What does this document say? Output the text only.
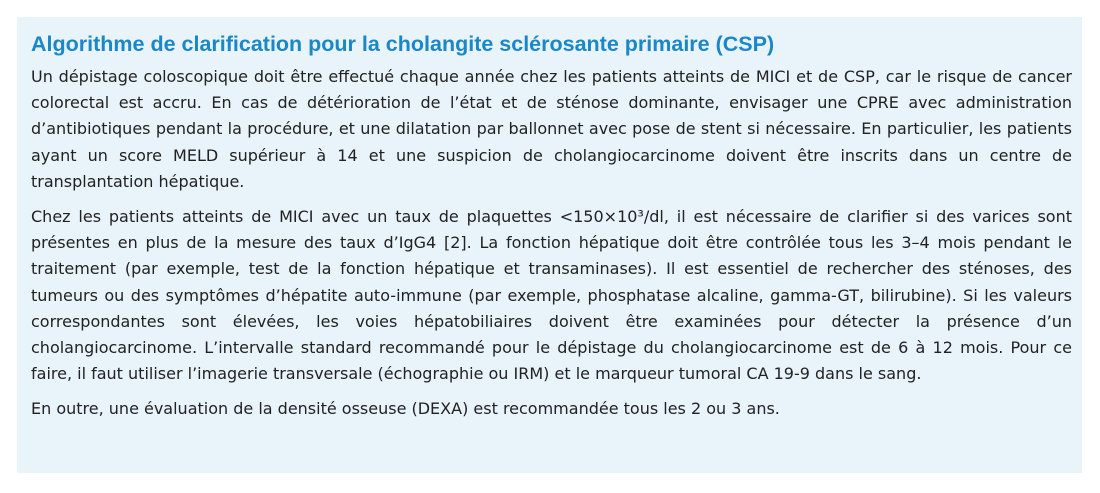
Algorithme de clarification pour la cholangite sclérosante primaire (CSP)

Un dépistage coloscopique doit être effectué chaque année chez les patients atteints de MICI et de CSP, car le risque de cancer colorectal est accru. En cas de détérioration de l’état et de sténose dominante, envisager une CPRE avec administration d’antibiotiques pendant la procédure, et une dilatation par ballonnet avec pose de stent si nécessaire. En particulier, les patients ayant un score MELD supérieur à 14 et une suspicion de cholangiocarcinome doivent être inscrits dans un centre de transplantation hépatique.

Chez les patients atteints de MICI avec un taux de plaquettes <150×10³/dl, il est nécessaire de clarifier si des varices sont présentes en plus de la mesure des taux d’IgG4 [2]. La fonction hépatique doit être contrôlée tous les 3–4 mois pendant le traitement (par exemple, test de la fonction hépatique et transaminases). Il est essentiel de rechercher des sténoses, des tumeurs ou des symptômes d’hépatite auto-immune (par exemple, phosphatase alcaline, gamma-GT, bilirubine). Si les valeurs correspondantes sont élevées, les voies hépatobiliaires doivent être examinées pour détecter la présence d’un cholangiocarcinome. L’intervalle standard recommandé pour le dépistage du cholangiocarcinome est de 6 à 12 mois. Pour ce faire, il faut utiliser l’imagerie transversale (échographie ou IRM) et le marqueur tumoral CA 19-9 dans le sang.

En outre, une évaluation de la densité osseuse (DEXA) est recommandée tous les 2 ou 3 ans.
